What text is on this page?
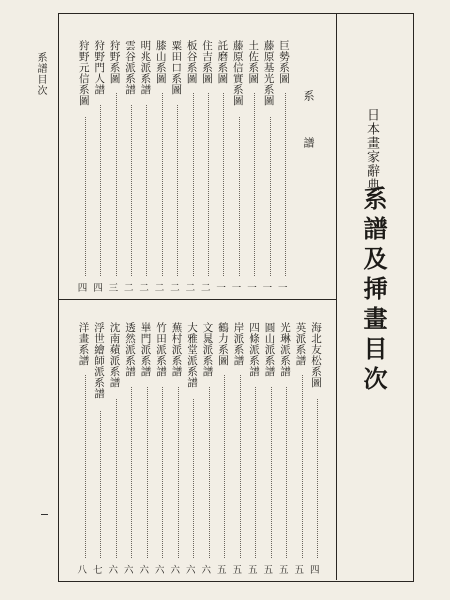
系譜目次
日本畫家辭典
系譜及挿畫目次
系譜
巨勢系圖
一
藤原基光系圖
一
土佐系圖
一
藤原信實系圖
一
託磨系圖
一
住吉系圖
二
板谷系圖
二
粟田口系圖
二
膝山系圖
二
明兆派系譜
二
雲谷派系譜
二
狩野系圖
三
狩野門人譜
四
狩野元信系圖
四
海北友松系圖
四
英派系譜
五
光琳派系譜
五
圓山派系譜
五
四條派系譜
五
岸派系譜
五
鶴力系圖
五
文晁派系譜
六
大雅堂派系譜
六
蕪村派系譜
六
竹田派系譜
六
崋門派系譜
六
透然派系譜
六
沈南蘋派系譜
六
浮世繪師派系譜
七
洋畫系譜
八
